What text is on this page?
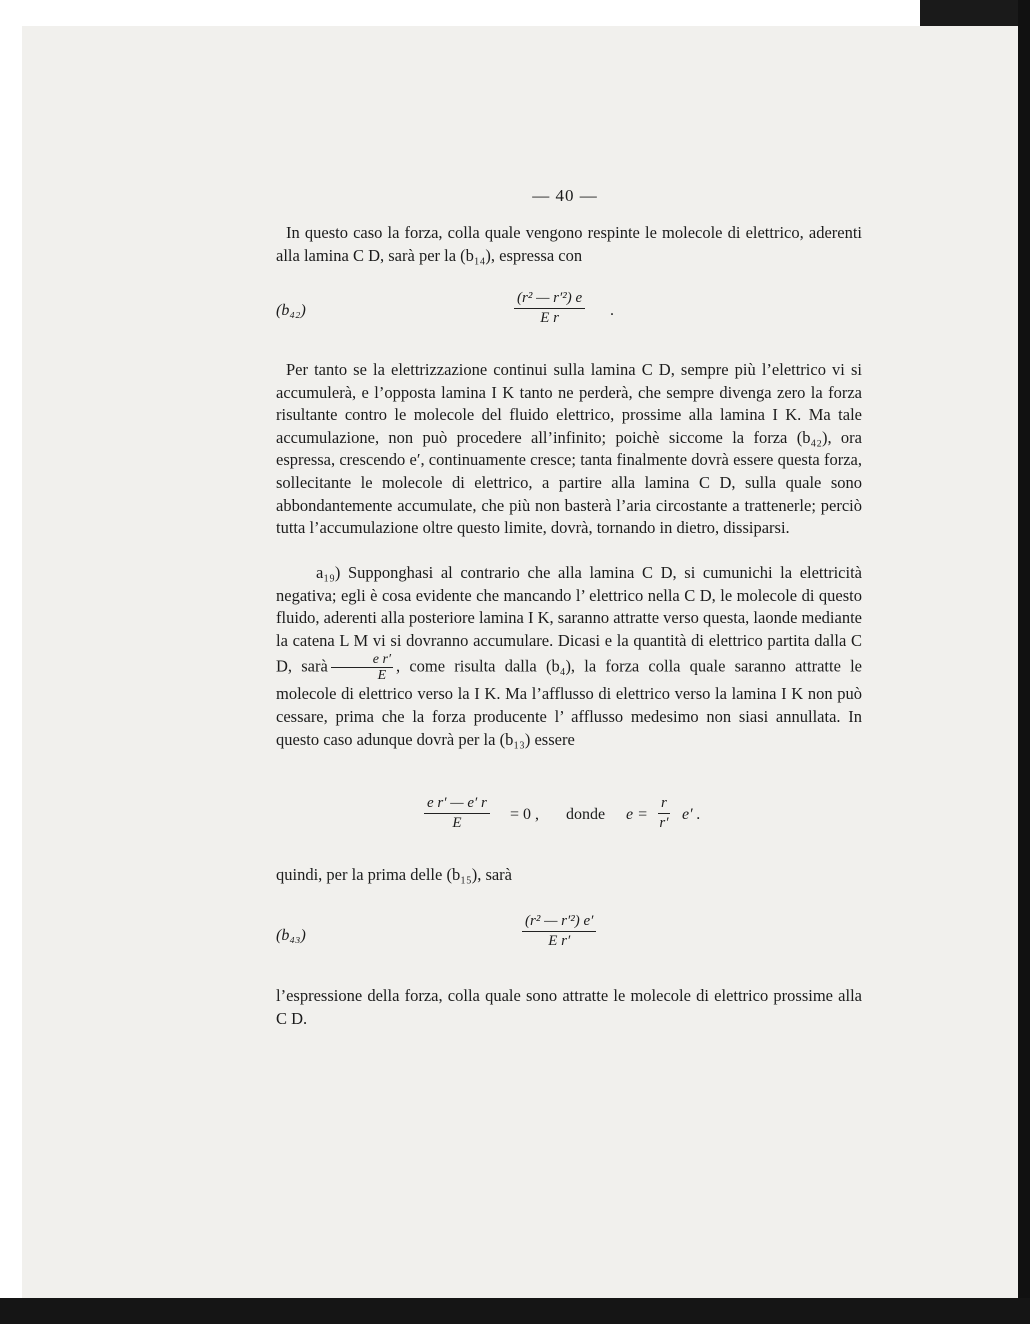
— 40 —

In questo caso la forza, colla quale vengono respinte le molecole di elettrico, aderenti alla lamina C D, sarà per la (b₁₄), espressa con

(b₄₂)	$\frac{\text{(r² — r′²) e}}{\text{E r}}$ .

Per tanto se la elettrizzazione continui sulla lamina C D, sempre più l’elettrico vi si accumulerà, e l’opposta lamina I K tanto ne perderà, che sempre divenga zero la forza risultante contro le molecole del fluido elettrico, prossime alla lamina I K. Ma tale accumulazione, non può procedere all’infinito; poichè siccome la forza (b₄₂), ora espressa, crescendo e′, continuamente cresce; tanta finalmente dovrà essere questa forza, sollecitante le molecole di elettrico, a partire alla lamina C D, sulla quale sono abbondantemente accumulate, che più non basterà l’aria circostante a trattenerle; perciò tutta l’accumulazione oltre questo limite, dovrà, tornando in dietro, dissiparsi.

a₁₉) Supponghasi al contrario che alla lamina C D, si cumunichi la elettricità negativa; egli è cosa evidente che mancando l’ elettrico nella C D, le molecole di questo fluido, aderenti alla posteriore lamina I K, saranno attratte verso questa, laonde mediante la catena L M vi si dovranno accumulare. Dicasi e la quantità di elettrico partita dalla C D, sarà $\frac{\text{e r′}}{E}$ , come risulta dalla (b₄), la forza colla quale saranno attratte le molecole di elettrico verso la I K. Ma l’afflusso di elettrico verso la lamina I K non può cessare, prima che la forza producente l’ afflusso medesimo non siasi annullata. In questo caso adunque dovrà per la (b₁₃) essere

$\frac{\text{e r′ — e′ r}}{E} = 0$ , donde $e = \frac{r}{r'} e'$ .

quindi, per la prima delle (b₁₅), sarà

(b₄₃)	$\frac{\text{(r² — r′²) e′}}{\text{E r′}}$

l’espressione della forza, colla quale sono attratte le molecole di elettrico prossime alla C D.
